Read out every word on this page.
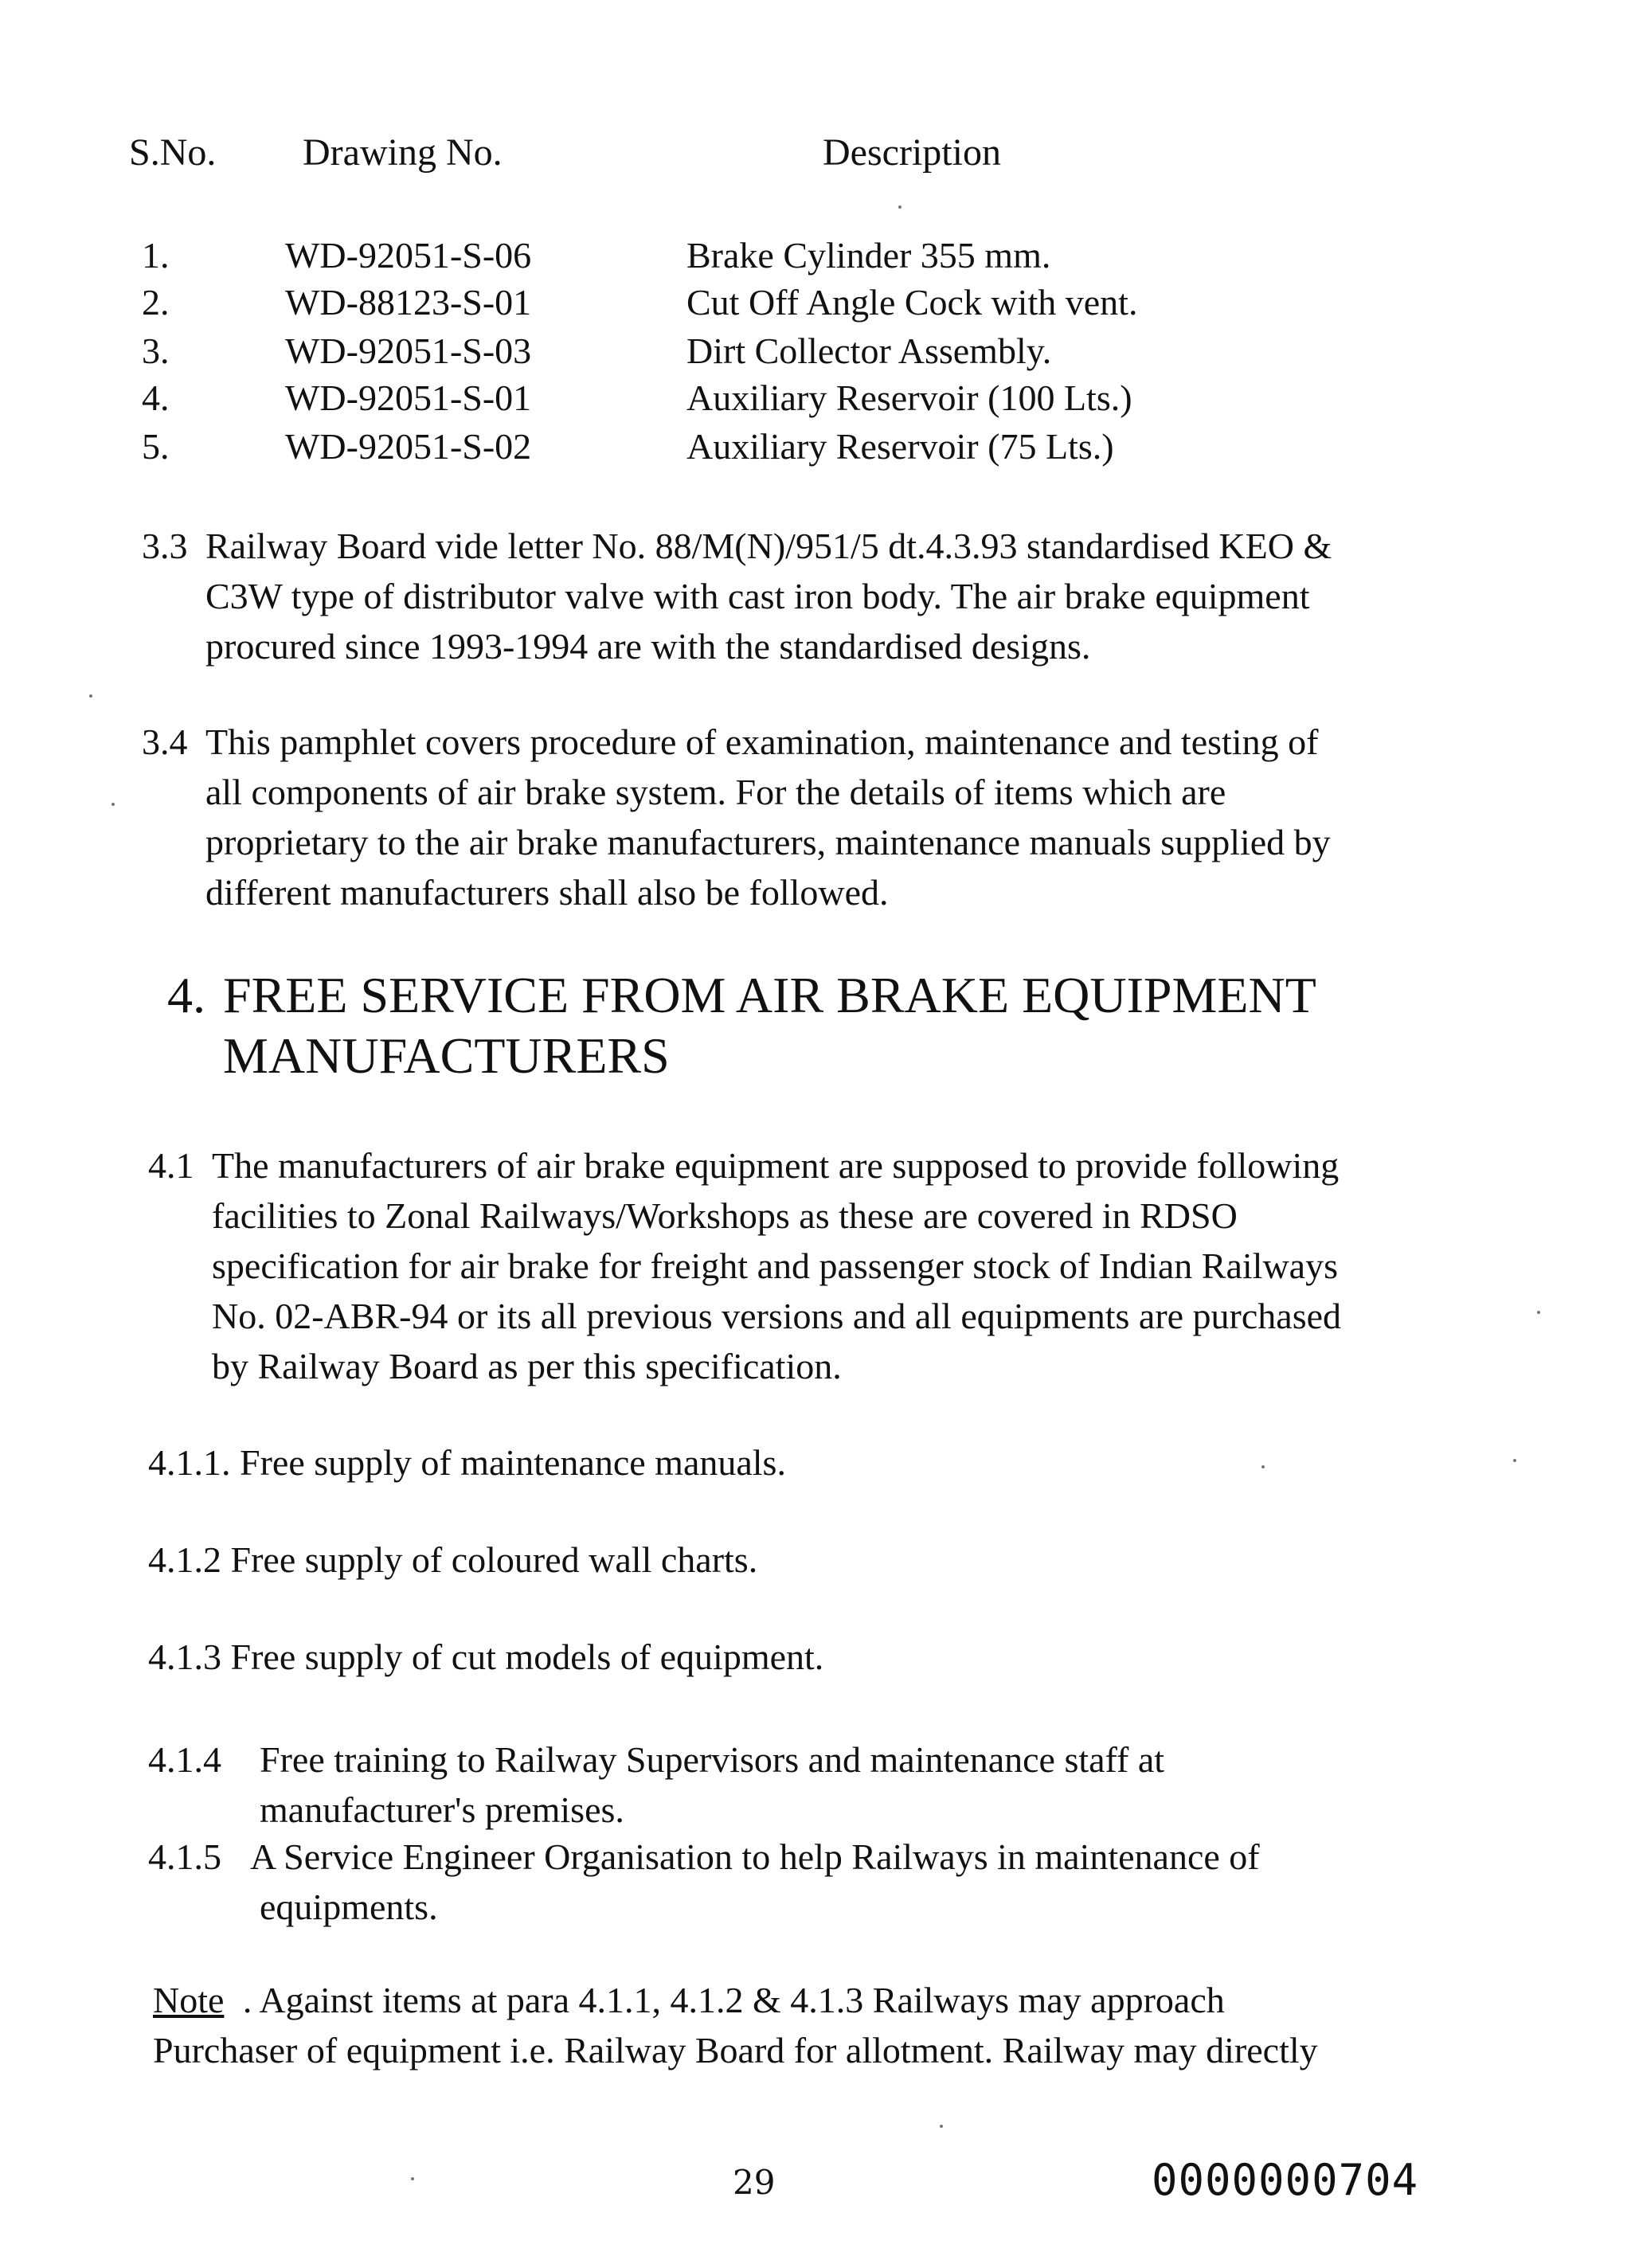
S.No. Drawing No.	Description
1.	WD-92051-S-06	Brake Cylinder 355 mm.
2.	WD-88123-S-01	Cut Off Angle Cock with vent.
3.	WD-92051-S-03	Dirt Collector Assembly.
4.	WD-92051-S-01	Auxiliary Reservoir (100 Lts.)
5.	WD-92051-S-02	Auxiliary Reservoir (75 Lts.)
3.3 Railway Board vide letter No. 88/M(N)/951/5 dt.4.3.93 standardised KEO &
C3W type of distributor valve with cast iron body. The air brake equipment
procured since 1993-1994 are with the standardised designs.
3.4 This pamphlet covers procedure of examination, maintenance and testing of
all components of air brake system. For the details of items which are
proprietary to the air brake manufacturers, maintenance manuals supplied by
different manufacturers shall also be followed.
4. FREE SERVICE FROM AIR BRAKE EQUIPMENT
MANUFACTURERS
4.1 The manufacturers of air brake equipment are supposed to provide following
facilities to Zonal Railways/Workshops as these are covered in RDSO
specification for air brake for freight and passenger stock of Indian Railways
No. 02-ABR-94 or its all previous versions and all equipments are purchased
by Railway Board as per this specification.
4.1.1. Free supply of maintenance manuals.
4.1.2 Free supply of coloured wall charts.
4.1.3 Free supply of cut models of equipment.
4.1.4 Free training to Railway Supervisors and maintenance staff at
manufacturer's premises.
4.1.5 A Service Engineer Organisation to help Railways in maintenance of
equipments.
Note . Against items at para 4.1.1, 4.1.2 & 4.1.3 Railways may approach
Purchaser of equipment i.e. Railway Board for allotment. Railway may directly
29	0000000704
